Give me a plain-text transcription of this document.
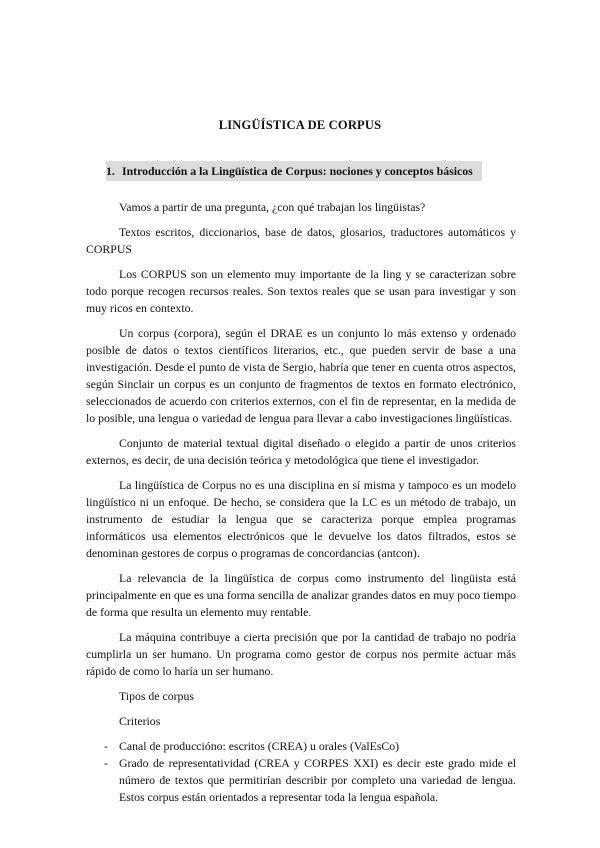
LINGÜÍSTICA DE CORPUS
1. Introducción a la Lingüística de Corpus: nociones y conceptos básicos

Vamos a partir de una pregunta, ¿con qué trabajan los lingüistas?

Textos escritos, diccionarios, base de datos, glosarios, traductores automáticos y CORPUS

Los CORPUS son un elemento muy importante de la ling y se caracterizan sobre todo porque recogen recursos reales. Son textos reales que se usan para investigar y son muy ricos en contexto.

Un corpus (corpora), según el DRAE es un conjunto lo más extenso y ordenado posible de datos o textos científicos literarios, etc., que pueden servir de base a una investigación. Desde el punto de vista de Sergio, habría que tener en cuenta otros aspectos, según Sinclair un corpus es un conjunto de fragmentos de textos en formato electrónico, seleccionados de acuerdo con criterios externos, con el fin de representar, en la medida de lo posible, una lengua o variedad de lengua para llevar a cabo investigaciones lingüísticas.

Conjunto de material textual digital diseñado o elegido a partir de unos criterios externos, es decir, de una decisión teórica y metodológica que tiene el investigador.

La lingüística de Corpus no es una disciplina en sí misma y tampoco es un modelo lingüístico ni un enfoque. De hecho, se considera que la LC es un método de trabajo, un instrumento de estudiar la lengua que se caracteriza porque emplea programas informáticos usa elementos electrónicos que le devuelve los datos filtrados, estos se denominan gestores de corpus o programas de concordancias (antcon).

La relevancia de la lingüística de corpus como instrumento del lingüista está principalmente en que es una forma sencilla de analizar grandes datos en muy poco tiempo de forma que resulta un elemento muy rentable.

La máquina contribuye a cierta precisión que por la cantidad de trabajo no podría cumplirla un ser humano. Un programa como gestor de corpus nos permite actuar más rápido de como lo haría un ser humano.

Tipos de corpus

Criterios

- Canal de produccióno: escritos (CREA) u orales (ValEsCo)
- Grado de representatividad (CREA y CORPES XXI) es decir este grado mide el número de textos que permitirían describir por completo una variedad de lengua. Estos corpus están orientados a representar toda la lengua española.
